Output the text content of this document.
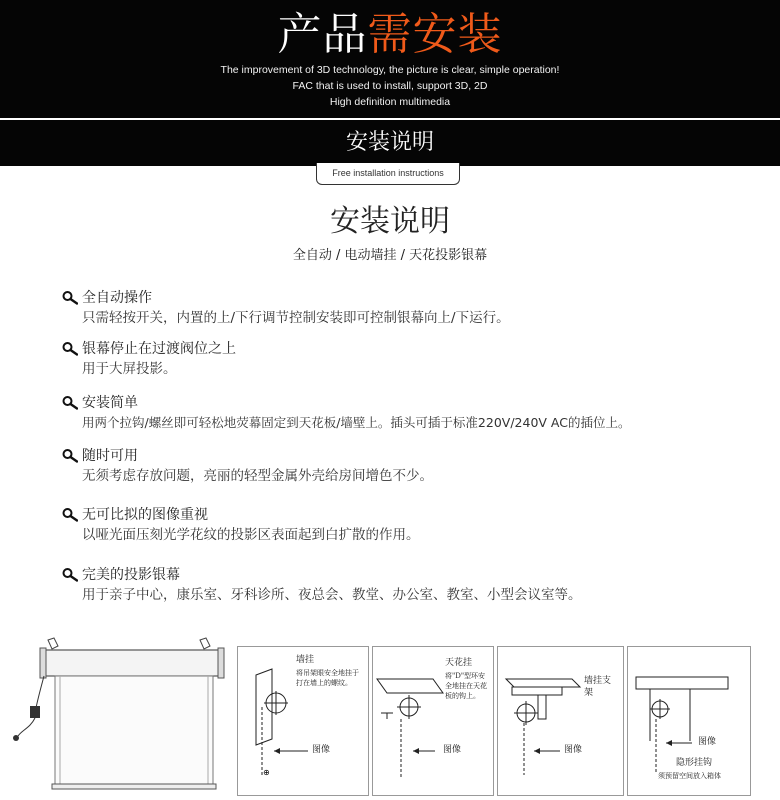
产品需安装
The improvement of 3D technology, the picture is clear, simple operation!
FAC that is used to install, support 3D, 2D
High definition multimedia
安装说明
Free installation instructions
安装说明
全自动 / 电动墙挂 / 天花投影银幕
全自动操作
只需轻按开关，内置的上/下行调节控制安装即可控制银幕向上/下运行。
银幕停止在过渡阀位之上
用于大屏投影。
安装简单
用两个拉钩/螺丝即可轻松地荧幕固定到天花板/墙壁上。插头可插于标准220V/240V AC的插位上。
随时可用
无须考虑存放问题，亮丽的轻型金属外壳给房间增色不少。
无可比拟的图像重视
以哑光面压刻光学花纹的投影区表面起到白扩散的作用。
完美的投影银幕
用于亲子中心，康乐室、牙科诊所、夜总会、教堂、办公室、教室、小型会议室等。
⊕
墙挂
将吊架眼安全地挂于打在墙上的螺纹。
图像
天花挂
将"D"型环安全地挂在天花板的钩上。
图像
墙挂支架
图像
图像
隐形挂钩
须预留空间放入箱体
